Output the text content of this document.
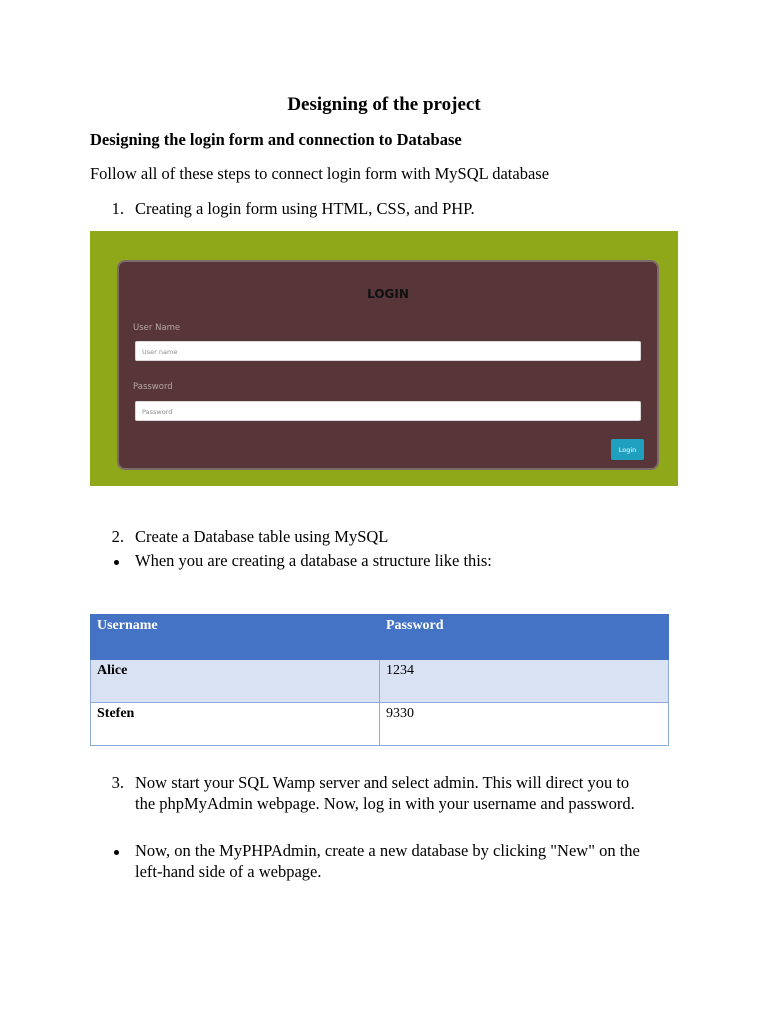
Designing of the project
Designing the login form and connection to Database
Follow all of these steps to connect login form with MySQL database
1. Creating a login form using HTML, CSS, and PHP.
LOGIN
User Name
User name
Password
Password
Login
2. Create a Database table using MySQL
When you are creating a database a structure like this:
Username	Password
Alice	1234
Stefen	9330
3. Now start your SQL Wamp server and select admin. This will direct you to
the phpMyAdmin webpage. Now, log in with your username and password.
Now, on the MyPHPAdmin, create a new database by clicking "New" on the
left-hand side of a webpage.
